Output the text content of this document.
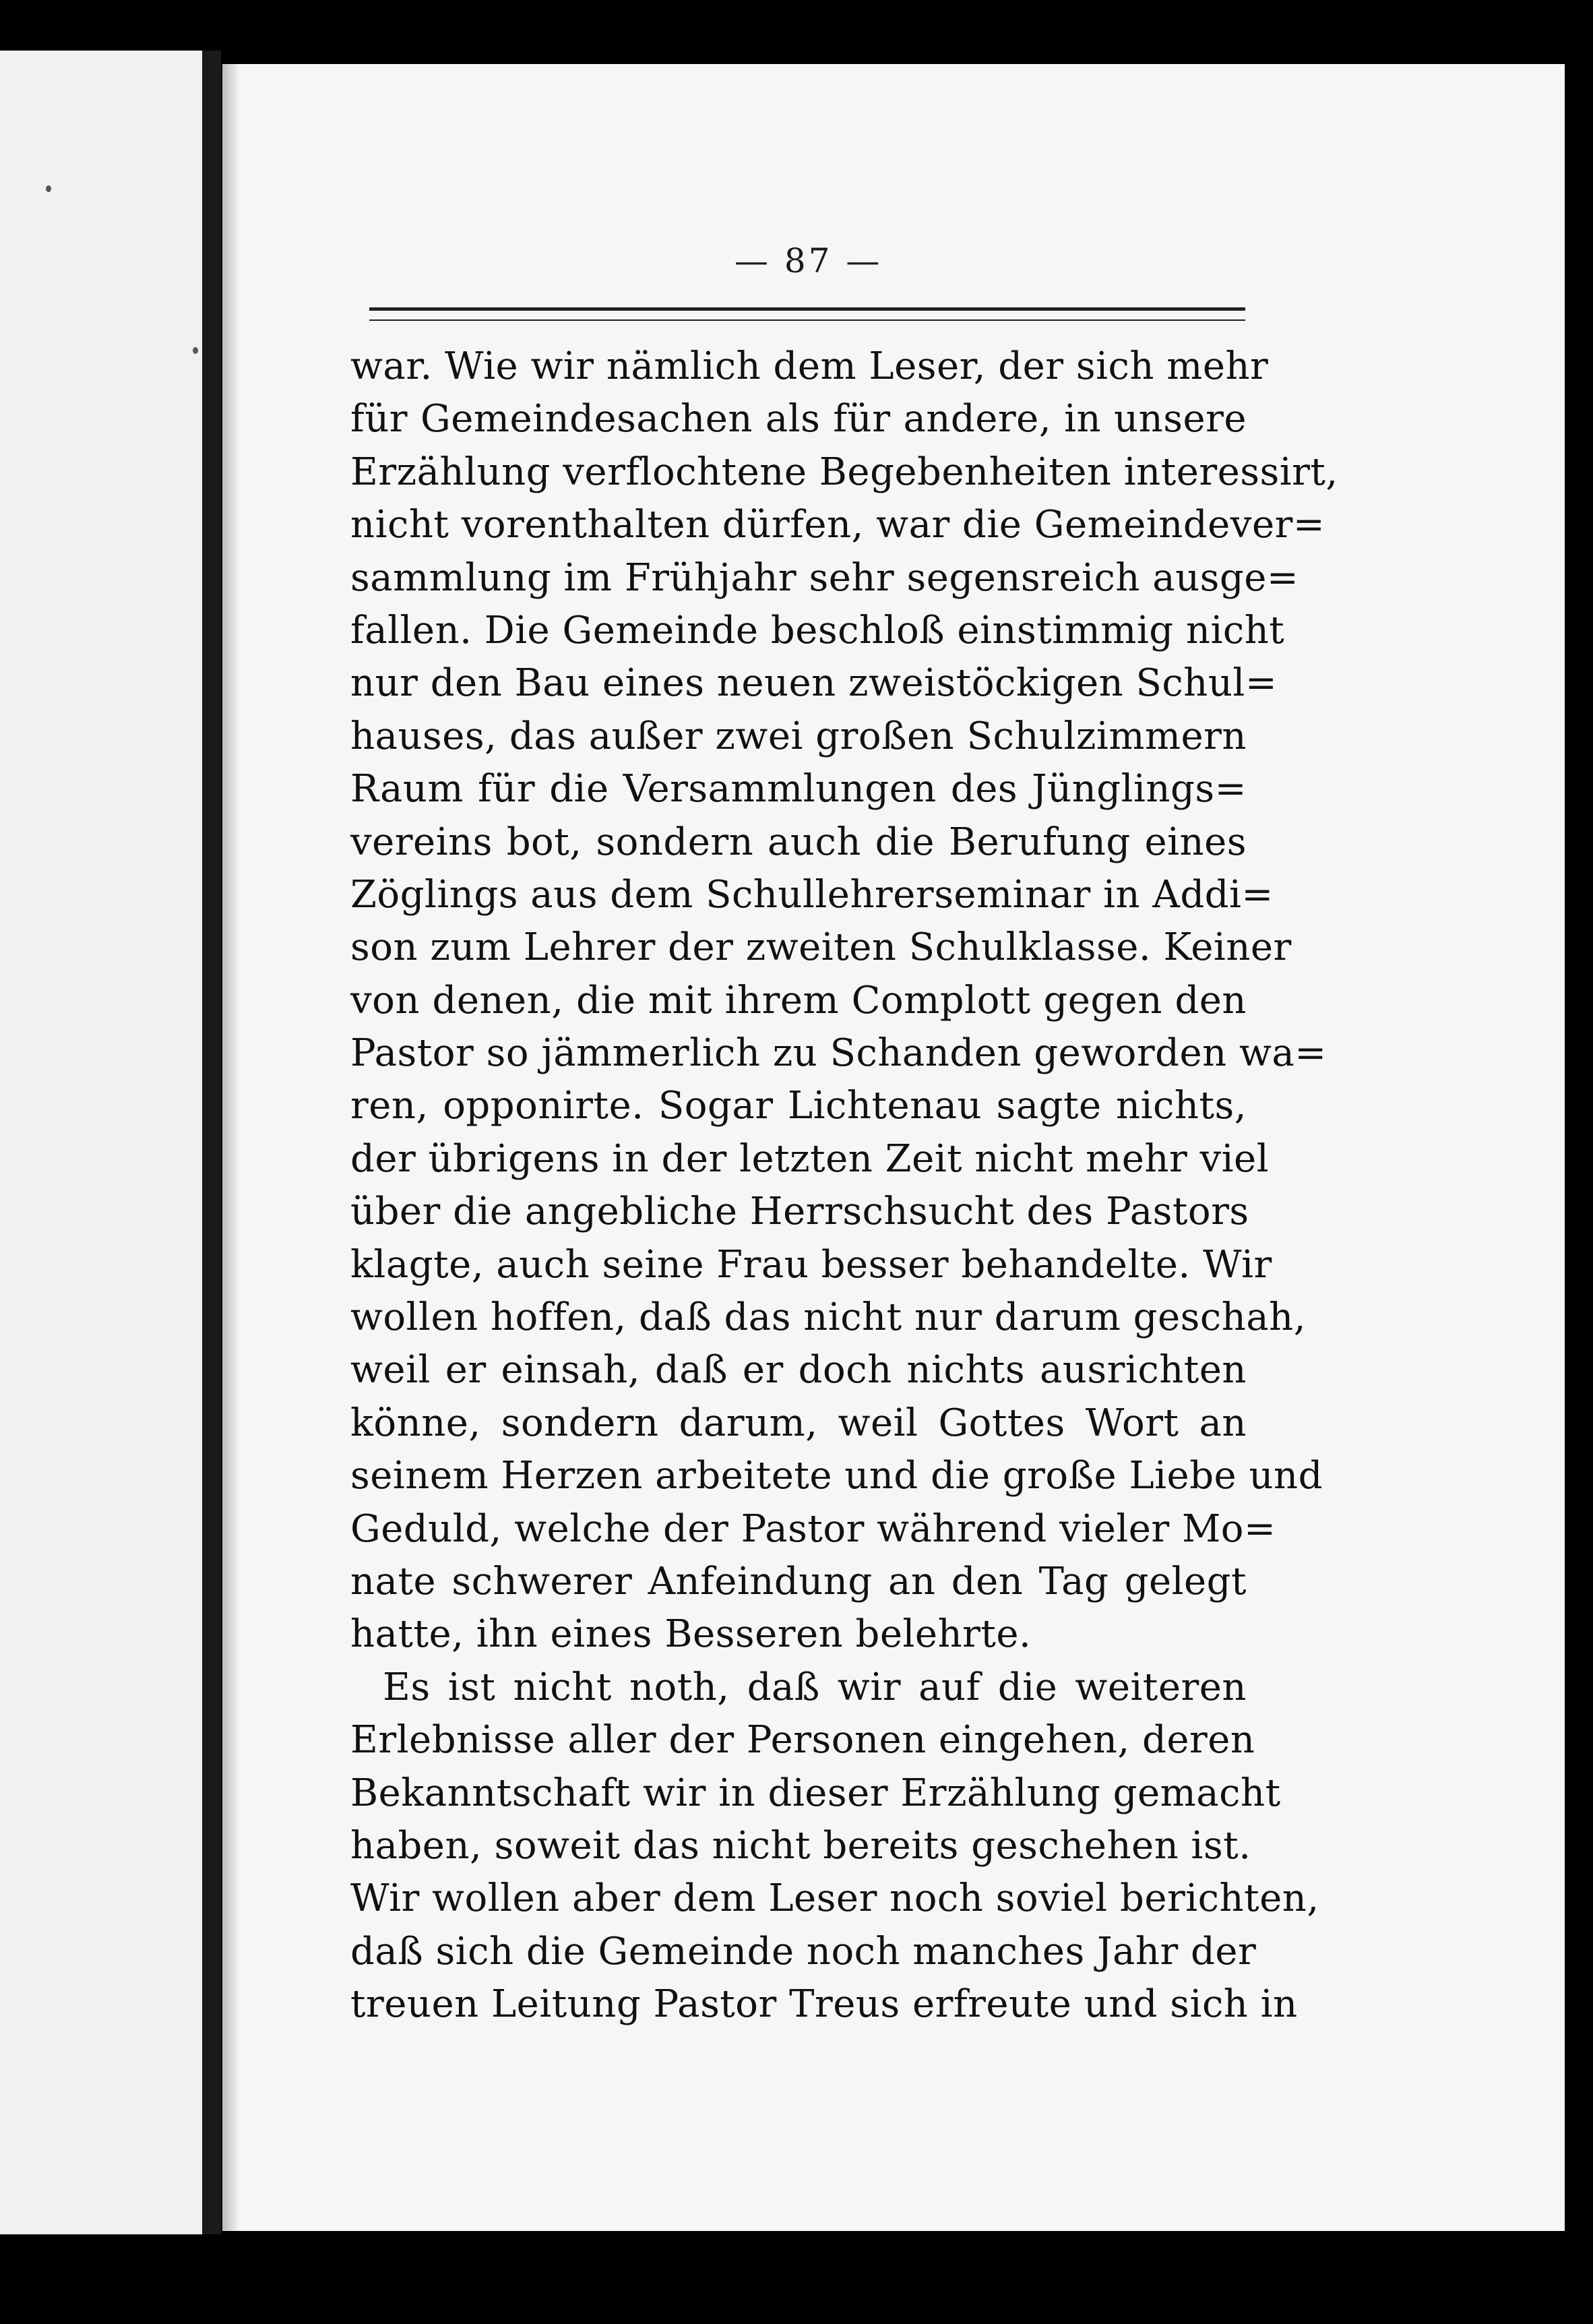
— 87 —
war. Wie wir nämlich dem Leser, der sich mehr
für Gemeindesachen als für andere, in unsere
Erzählung verflochtene Begebenheiten interessirt,
nicht vorenthalten dürfen, war die Gemeindever=
sammlung im Frühjahr sehr segensreich ausge=
fallen. Die Gemeinde beschloß einstimmig nicht
nur den Bau eines neuen zweistöckigen Schul=
hauses, das außer zwei großen Schulzimmern
Raum für die Versammlungen des Jünglings=
vereins bot, sondern auch die Berufung eines
Zöglings aus dem Schullehrerseminar in Addi=
son zum Lehrer der zweiten Schulklasse. Keiner
von denen, die mit ihrem Complott gegen den
Pastor so jämmerlich zu Schanden geworden wa=
ren, opponirte. Sogar Lichtenau sagte nichts,
der übrigens in der letzten Zeit nicht mehr viel
über die angebliche Herrschsucht des Pastors
klagte, auch seine Frau besser behandelte. Wir
wollen hoffen, daß das nicht nur darum geschah,
weil er einsah, daß er doch nichts ausrichten
könne, sondern darum, weil Gottes Wort an
seinem Herzen arbeitete und die große Liebe und
Geduld, welche der Pastor während vieler Mo=
nate schwerer Anfeindung an den Tag gelegt
hatte, ihn eines Besseren belehrte.
Es ist nicht noth, daß wir auf die weiteren
Erlebnisse aller der Personen eingehen, deren
Bekanntschaft wir in dieser Erzählung gemacht
haben, soweit das nicht bereits geschehen ist.
Wir wollen aber dem Leser noch soviel berichten,
daß sich die Gemeinde noch manches Jahr der
treuen Leitung Pastor Treus erfreute und sich in
